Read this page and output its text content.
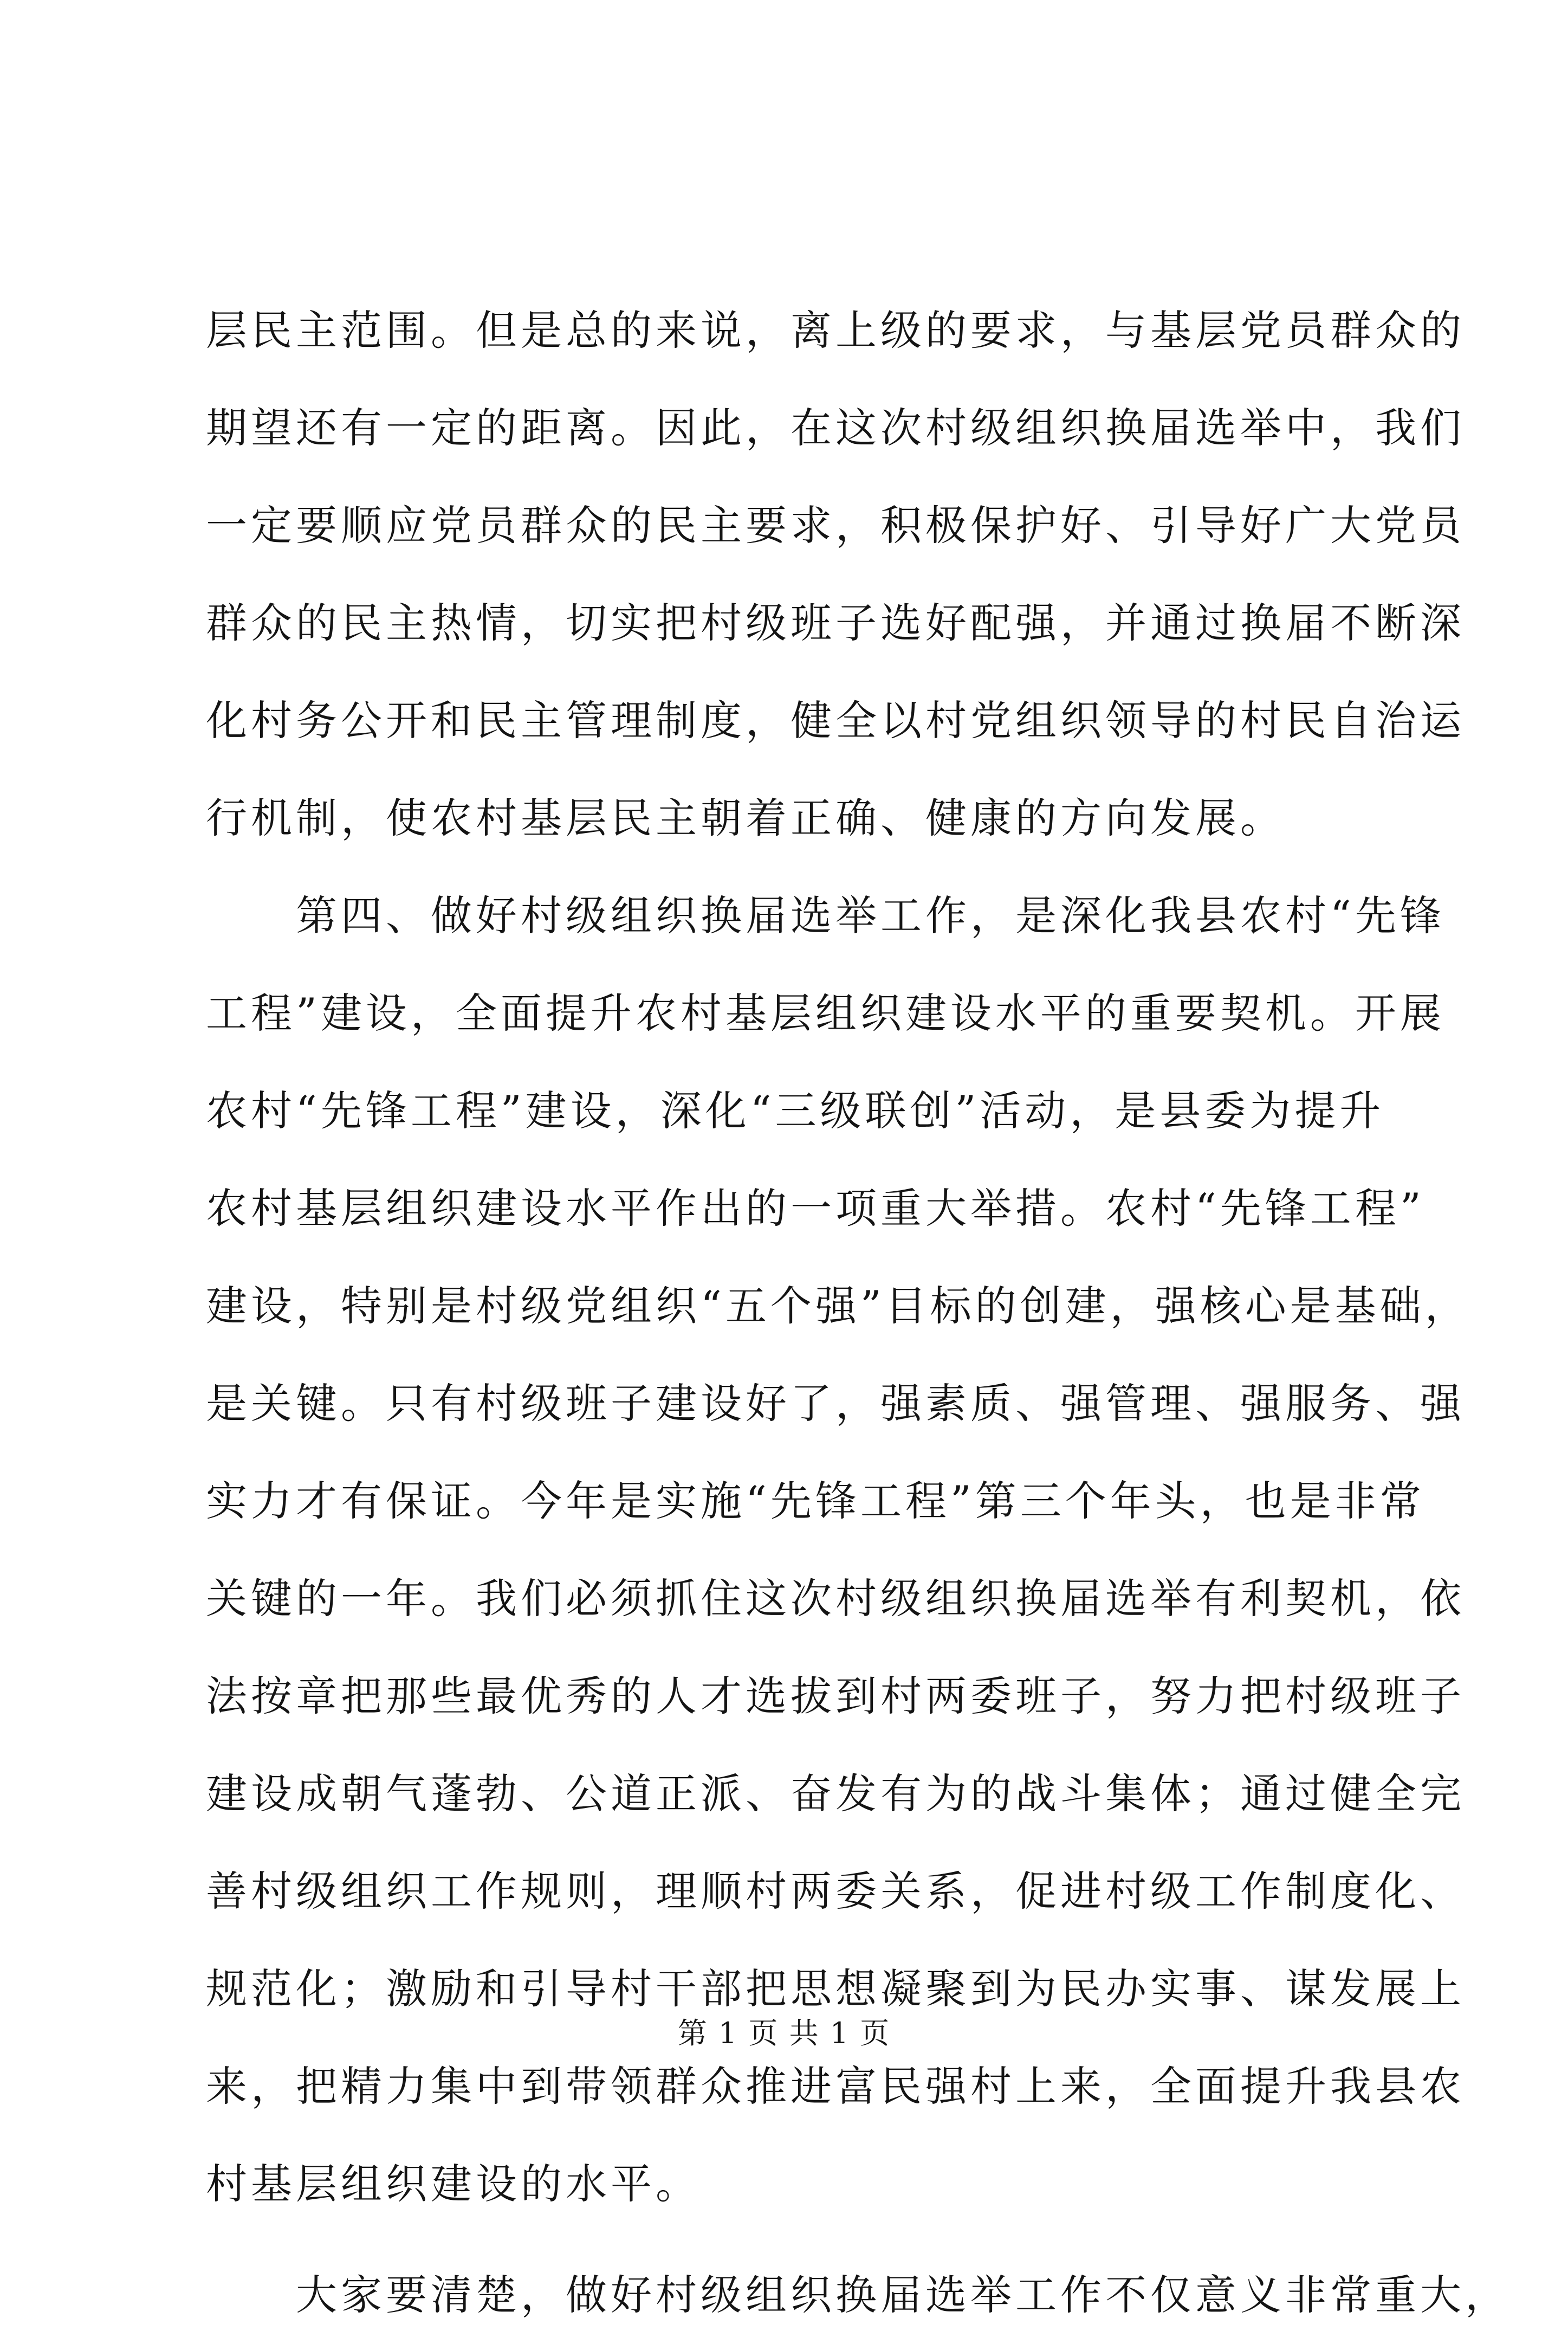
层民主范围。但是总的来说，离上级的要求，与基层党员群众的
期望还有一定的距离。因此，在这次村级组织换届选举中，我们
一定要顺应党员群众的民主要求，积极保护好、引导好广大党员
群众的民主热情，切实把村级班子选好配强，并通过换届不断深
化村务公开和民主管理制度，健全以村党组织领导的村民自治运
行机制，使农村基层民主朝着正确、健康的方向发展。
　　第四、做好村级组织换届选举工作，是深化我县农村“先锋
工程”建设，全面提升农村基层组织建设水平的重要契机。开展
农村“先锋工程”建设，深化“三级联创”活动，是县委为提升
农村基层组织建设水平作出的一项重大举措。农村“先锋工程”
建设，特别是村级党组织“五个强”目标的创建，强核心是基础，
是关键。只有村级班子建设好了，强素质、强管理、强服务、强
实力才有保证。今年是实施“先锋工程”第三个年头，也是非常
关键的一年。我们必须抓住这次村级组织换届选举有利契机，依
法按章把那些最优秀的人才选拔到村两委班子，努力把村级班子
建设成朝气蓬勃、公道正派、奋发有为的战斗集体；通过健全完
善村级组织工作规则，理顺村两委关系，促进村级工作制度化、
规范化；激励和引导村干部把思想凝聚到为民办实事、谋发展上
来，把精力集中到带领群众推进富民强村上来，全面提升我县农
村基层组织建设的水平。
　　大家要清楚，做好村级组织换届选举工作不仅意义非常重大，
第 1 页 共 1 页
